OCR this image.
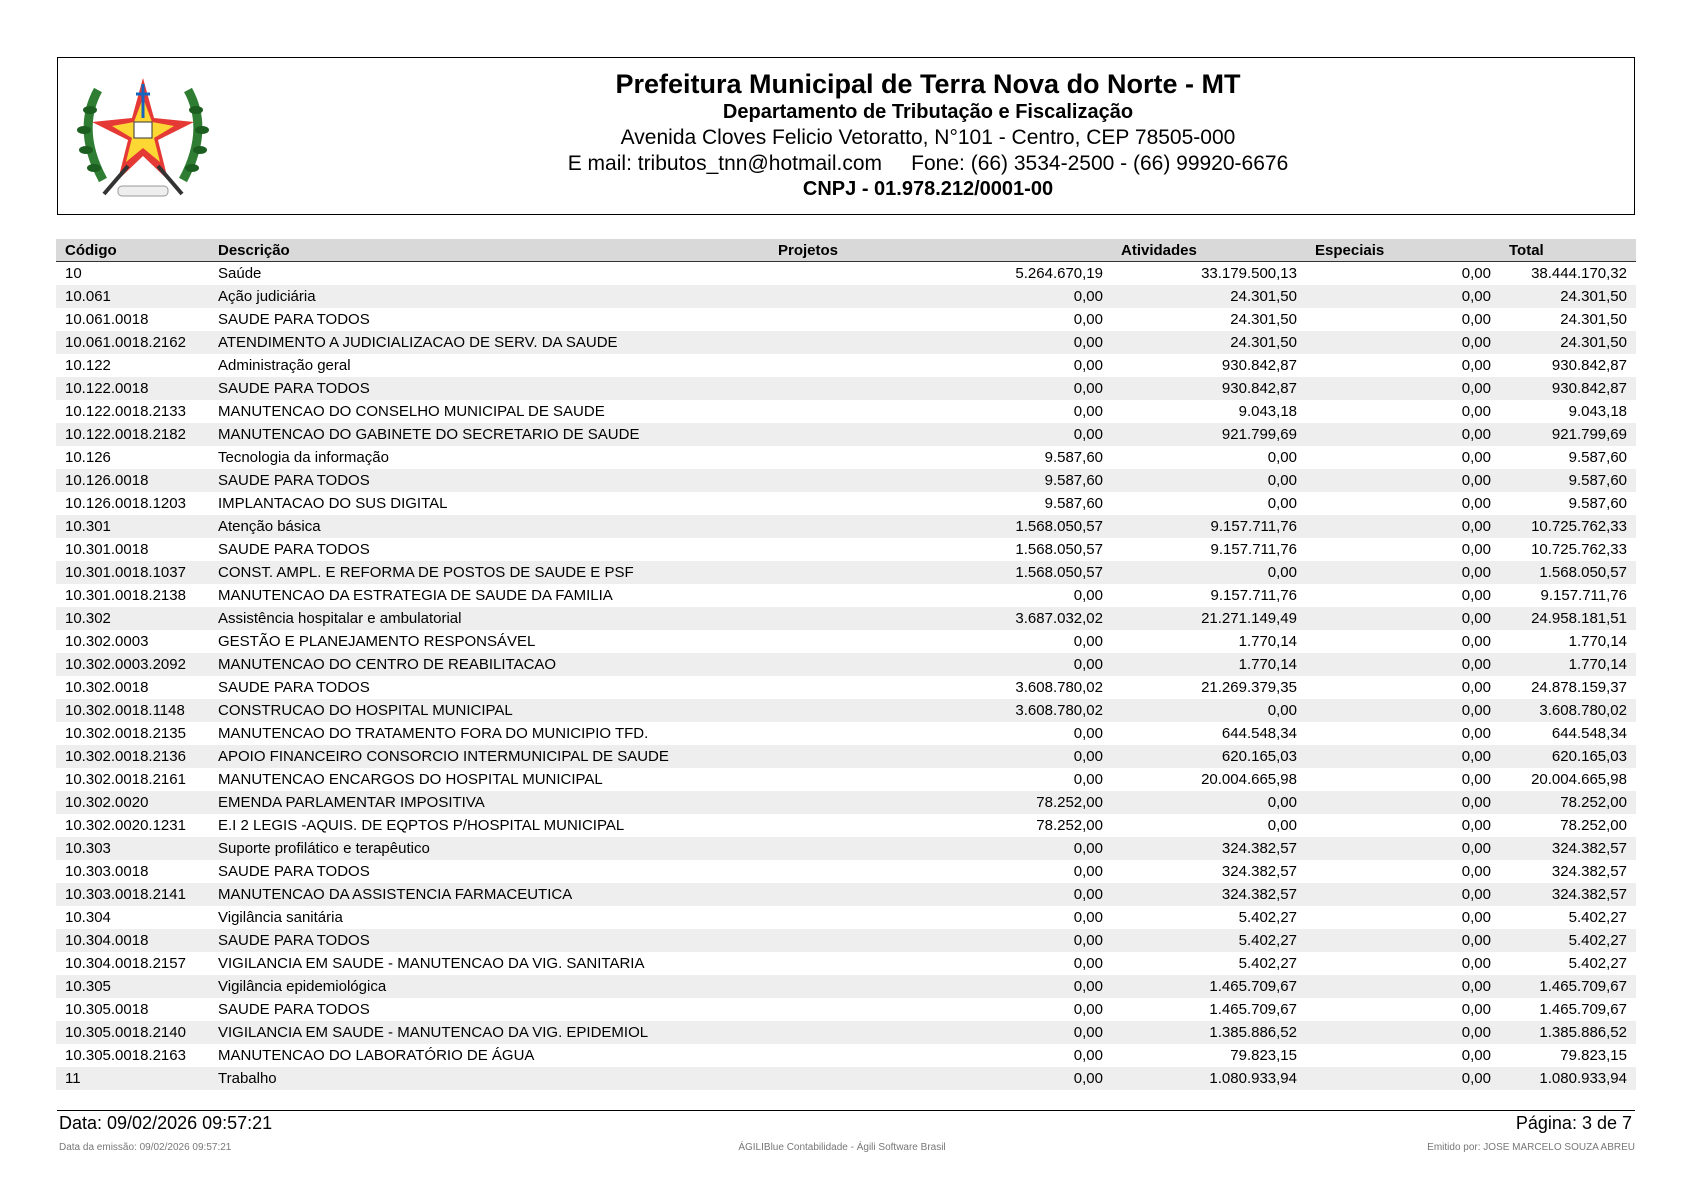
Prefeitura Municipal de Terra Nova do Norte - MT
Departamento de Tributação e Fiscalização
Avenida Cloves Felicio Vetoratto, N°101 - Centro, CEP 78505-000
E mail: tributos_tnn@hotmail.com     Fone: (66) 3534-2500 - (66) 99920-6676
CNPJ - 01.978.212/0001-00
Código	Descrição	Projetos	Atividades	Especiais	Total
10	Saúde	5.264.670,19	33.179.500,13	0,00	38.444.170,32
10.061	Ação judiciária	0,00	24.301,50	0,00	24.301,50
10.061.0018	SAUDE PARA TODOS	0,00	24.301,50	0,00	24.301,50
10.061.0018.2162	ATENDIMENTO A JUDICIALIZACAO DE SERV. DA SAUDE	0,00	24.301,50	0,00	24.301,50
10.122	Administração geral	0,00	930.842,87	0,00	930.842,87
10.122.0018	SAUDE PARA TODOS	0,00	930.842,87	0,00	930.842,87
10.122.0018.2133	MANUTENCAO DO CONSELHO MUNICIPAL DE SAUDE	0,00	9.043,18	0,00	9.043,18
10.122.0018.2182	MANUTENCAO DO GABINETE DO SECRETARIO DE SAUDE	0,00	921.799,69	0,00	921.799,69
10.126	Tecnologia da informação	9.587,60	0,00	0,00	9.587,60
10.126.0018	SAUDE PARA TODOS	9.587,60	0,00	0,00	9.587,60
10.126.0018.1203	IMPLANTACAO DO SUS DIGITAL	9.587,60	0,00	0,00	9.587,60
10.301	Atenção básica	1.568.050,57	9.157.711,76	0,00	10.725.762,33
10.301.0018	SAUDE PARA TODOS	1.568.050,57	9.157.711,76	0,00	10.725.762,33
10.301.0018.1037	CONST. AMPL. E REFORMA DE POSTOS DE SAUDE E PSF	1.568.050,57	0,00	0,00	1.568.050,57
10.301.0018.2138	MANUTENCAO DA ESTRATEGIA DE SAUDE DA FAMILIA	0,00	9.157.711,76	0,00	9.157.711,76
10.302	Assistência hospitalar e ambulatorial	3.687.032,02	21.271.149,49	0,00	24.958.181,51
10.302.0003	GESTÃO E PLANEJAMENTO RESPONSÁVEL	0,00	1.770,14	0,00	1.770,14
10.302.0003.2092	MANUTENCAO DO CENTRO DE REABILITACAO	0,00	1.770,14	0,00	1.770,14
10.302.0018	SAUDE PARA TODOS	3.608.780,02	21.269.379,35	0,00	24.878.159,37
10.302.0018.1148	CONSTRUCAO DO HOSPITAL MUNICIPAL	3.608.780,02	0,00	0,00	3.608.780,02
10.302.0018.2135	MANUTENCAO DO TRATAMENTO FORA DO MUNICIPIO TFD.	0,00	644.548,34	0,00	644.548,34
10.302.0018.2136	APOIO FINANCEIRO CONSORCIO INTERMUNICIPAL DE SAUDE	0,00	620.165,03	0,00	620.165,03
10.302.0018.2161	MANUTENCAO ENCARGOS DO HOSPITAL MUNICIPAL	0,00	20.004.665,98	0,00	20.004.665,98
10.302.0020	EMENDA PARLAMENTAR IMPOSITIVA	78.252,00	0,00	0,00	78.252,00
10.302.0020.1231	E.I 2 LEGIS -AQUIS. DE EQPTOS P/HOSPITAL MUNICIPAL	78.252,00	0,00	0,00	78.252,00
10.303	Suporte profilático e terapêutico	0,00	324.382,57	0,00	324.382,57
10.303.0018	SAUDE PARA TODOS	0,00	324.382,57	0,00	324.382,57
10.303.0018.2141	MANUTENCAO DA ASSISTENCIA FARMACEUTICA	0,00	324.382,57	0,00	324.382,57
10.304	Vigilância sanitária	0,00	5.402,27	0,00	5.402,27
10.304.0018	SAUDE PARA TODOS	0,00	5.402,27	0,00	5.402,27
10.304.0018.2157	VIGILANCIA EM SAUDE - MANUTENCAO DA VIG. SANITARIA	0,00	5.402,27	0,00	5.402,27
10.305	Vigilância epidemiológica	0,00	1.465.709,67	0,00	1.465.709,67
10.305.0018	SAUDE PARA TODOS	0,00	1.465.709,67	0,00	1.465.709,67
10.305.0018.2140	VIGILANCIA EM SAUDE - MANUTENCAO DA VIG. EPIDEMIOL	0,00	1.385.886,52	0,00	1.385.886,52
10.305.0018.2163	MANUTENCAO DO LABORATÓRIO DE ÁGUA	0,00	79.823,15	0,00	79.823,15
11	Trabalho	0,00	1.080.933,94	0,00	1.080.933,94
Data: 09/02/2026 09:57:21	Página: 3 de 7
Data da emissão: 09/02/2026 09:57:21	ÁGILIBlue Contabilidade - Ágili Software Brasil	Emitido por: JOSE MARCELO SOUZA ABREU
